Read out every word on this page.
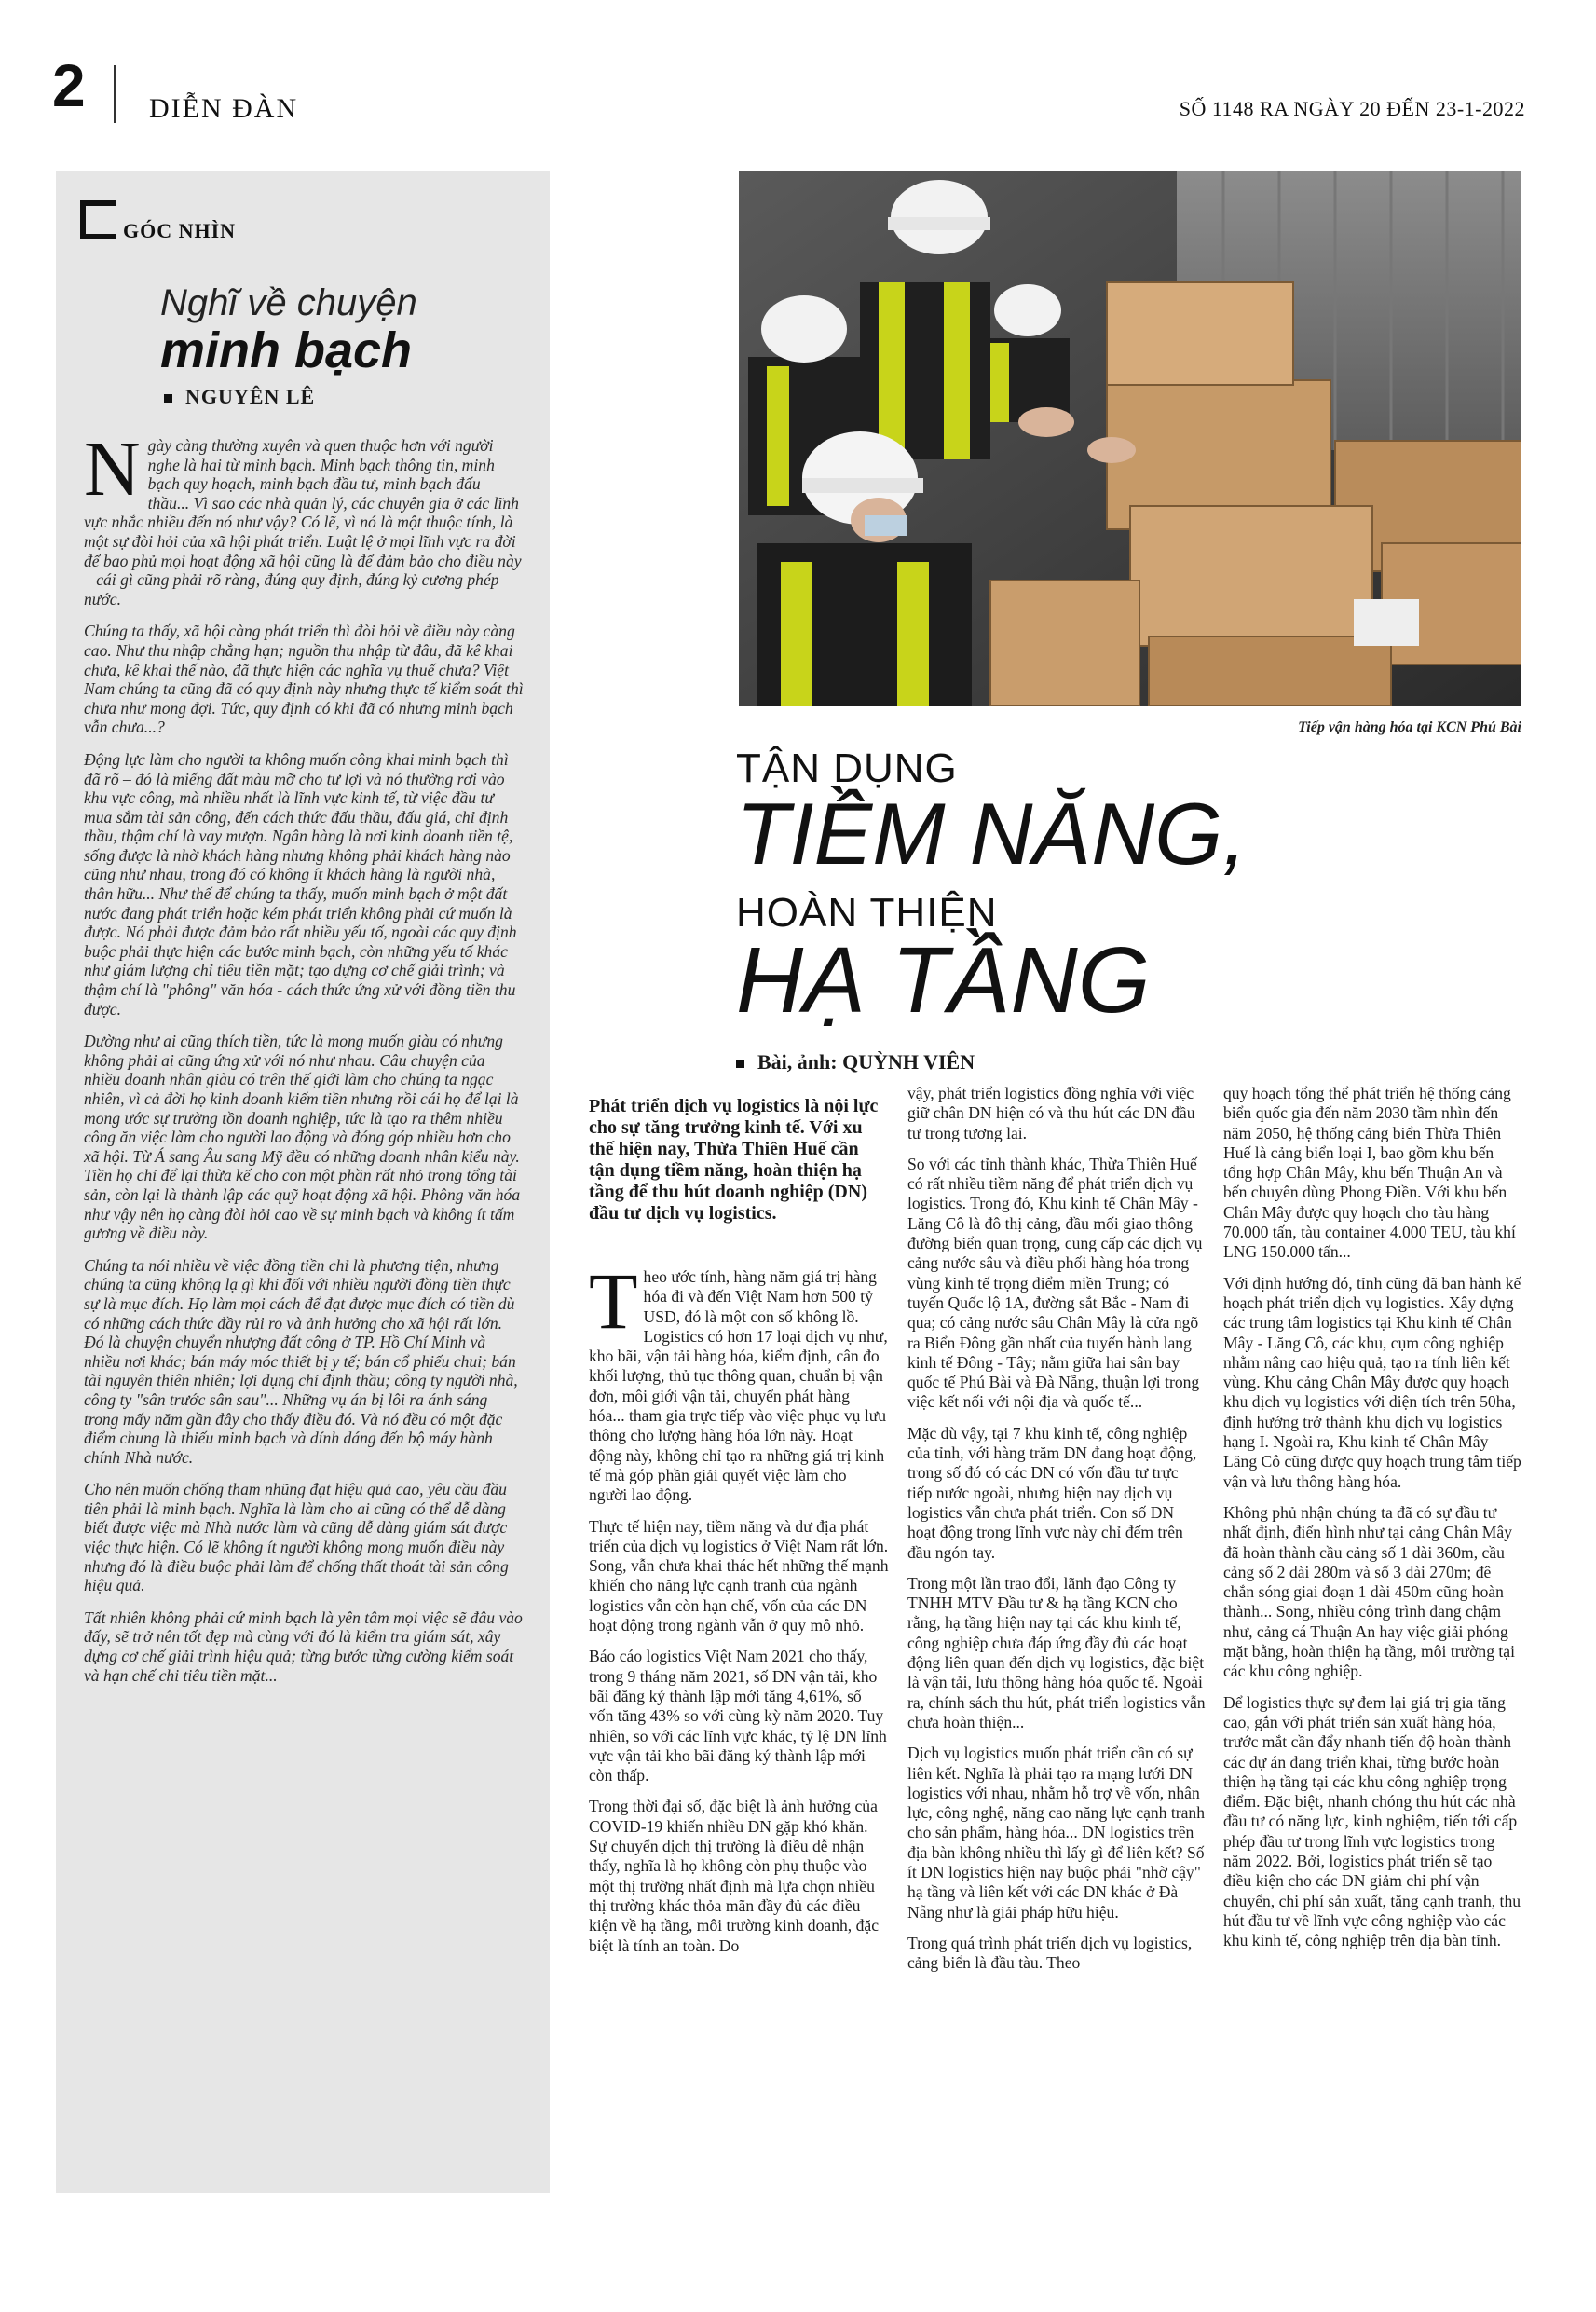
2 DIỄN ĐÀN	SỐ 1148 RA NGÀY 20 ĐẾN 23-1-2022
GÓC NHÌN
Nghĩ về chuyện
minh bạch
NGUYÊN LÊ

Ngày càng thường xuyên và quen thuộc hơn với người nghe là hai từ minh bạch. Minh bạch thông tin, minh bạch quy hoạch, minh bạch đầu tư, minh bạch đấu thầu... Vì sao các nhà quản lý, các chuyên gia ở các lĩnh vực nhắc nhiều đến nó như vậy? Có lẽ, vì nó là một thuộc tính, là một sự đòi hỏi của xã hội phát triển. Luật lệ ở mọi lĩnh vực ra đời để bao phủ mọi hoạt động xã hội cũng là để đảm bảo cho điều này – cái gì cũng phải rõ ràng, đúng quy định, đúng kỷ cương phép nước.

Chúng ta thấy, xã hội càng phát triển thì đòi hỏi về điều này càng cao. Như thu nhập chẳng hạn; nguồn thu nhập từ đâu, đã kê khai chưa, kê khai thế nào, đã thực hiện các nghĩa vụ thuế chưa? Việt Nam chúng ta cũng đã có quy định này nhưng thực tế kiểm soát thì chưa như mong đợi. Tức, quy định có khi đã có nhưng minh bạch vẫn chưa...?

Động lực làm cho người ta không muốn công khai minh bạch thì đã rõ – đó là miếng đất màu mỡ cho tư lợi và nó thường rơi vào khu vực công, mà nhiều nhất là lĩnh vực kinh tế, từ việc đầu tư mua sắm tài sản công, đến cách thức đấu thầu, đấu giá, chỉ định thầu, thậm chí là vay mượn. Ngân hàng là nơi kinh doanh tiền tệ, sống được là nhờ khách hàng nhưng không phải khách hàng nào cũng như nhau, trong đó có không ít khách hàng là người nhà, thân hữu... Như thế để chúng ta thấy, muốn minh bạch ở một đất nước đang phát triển hoặc kém phát triển không phải cứ muốn là được. Nó phải được đảm bảo rất nhiều yếu tố, ngoài các quy định buộc phải thực hiện các bước minh bạch, còn những yếu tố khác như giám lượng chỉ tiêu tiền mặt; tạo dựng cơ chế giải trình; và thậm chí là "phông" văn hóa - cách thức ứng xử với đồng tiền thu được.

Dường như ai cũng thích tiền, tức là mong muốn giàu có nhưng không phải ai cũng ứng xử với nó như nhau. Câu chuyện của nhiều doanh nhân giàu có trên thế giới làm cho chúng ta ngạc nhiên, vì cả đời họ kinh doanh kiếm tiền nhưng rồi cái họ để lại là mong ước sự trường tồn doanh nghiệp, tức là tạo ra thêm nhiều công ăn việc làm cho người lao động và đóng góp nhiều hơn cho xã hội. Từ Á sang Âu sang Mỹ đều có những doanh nhân kiểu này. Tiền họ chỉ để lại thừa kế cho con một phần rất nhỏ trong tổng tài sản, còn lại là thành lập các quỹ hoạt động xã hội. Phông văn hóa như vậy nên họ càng đòi hỏi cao về sự minh bạch và không ít tấm gương về điều này.

Chúng ta nói nhiều về việc đồng tiền chỉ là phương tiện, nhưng chúng ta cũng không lạ gì khi đối với nhiều người đồng tiền thực sự là mục đích. Họ làm mọi cách để đạt được mục đích có tiền dù có những cách thức đầy rủi ro và ảnh hưởng cho xã hội rất lớn. Đó là chuyện chuyển nhượng đất công ở TP. Hồ Chí Minh và nhiều nơi khác; bán máy móc thiết bị y tế; bán cổ phiếu chui; bán tài nguyên thiên nhiên; lợi dụng chỉ định thầu; công ty người nhà, công ty "sân trước sân sau"... Những vụ án bị lôi ra ánh sáng trong mấy năm gần đây cho thấy điều đó. Và nó đều có một đặc điểm chung là thiếu minh bạch và dính dáng đến bộ máy hành chính Nhà nước.

Cho nên muốn chống tham nhũng đạt hiệu quả cao, yêu cầu đầu tiên phải là minh bạch. Nghĩa là làm cho ai cũng có thể dễ dàng biết được việc mà Nhà nước làm và cũng dễ dàng giám sát được việc thực hiện. Có lẽ không ít người không mong muốn điều này nhưng đó là điều buộc phải làm để chống thất thoát tài sản công hiệu quả.

Tất nhiên không phải cứ minh bạch là yên tâm mọi việc sẽ đâu vào đấy, sẽ trở nên tốt đẹp mà cùng với đó là kiểm tra giám sát, xây dựng cơ chế giải trình hiệu quả; từng bước từng cường kiểm soát và hạn chế chi tiêu tiền mặt...

Tiếp vận hàng hóa tại KCN Phú Bài
TẬN DỤNG
TIỀM NĂNG,
HOÀN THIỆN
HẠ TẦNG
Bài, ảnh: QUỲNH VIÊN

Phát triển dịch vụ logistics là nội lực cho sự tăng trưởng kinh tế. Với xu thế hiện nay, Thừa Thiên Huế cần tận dụng tiềm năng, hoàn thiện hạ tầng để thu hút doanh nghiệp (DN) đầu tư dịch vụ logistics.

Theo ước tính, hàng năm giá trị hàng hóa đi và đến Việt Nam hơn 500 tỷ USD, đó là một con số không lồ. Logistics có hơn 17 loại dịch vụ như, kho bãi, vận tải hàng hóa, kiểm định, cân đo khối lượng, thủ tục thông quan, chuẩn bị vận đơn, môi giới vận tải, chuyển phát hàng hóa... tham gia trực tiếp vào việc phục vụ lưu thông cho lượng hàng hóa lớn này. Hoạt động này, không chỉ tạo ra những giá trị kinh tế mà góp phần giải quyết việc làm cho người lao động.

Thực tế hiện nay, tiềm năng và dư địa phát triển của dịch vụ logistics ở Việt Nam rất lớn. Song, vẫn chưa khai thác hết những thế mạnh khiến cho năng lực cạnh tranh của ngành logistics vẫn còn hạn chế, vốn của các DN hoạt động trong ngành vẫn ở quy mô nhỏ.

Báo cáo logistics Việt Nam 2021 cho thấy, trong 9 tháng năm 2021, số DN vận tải, kho bãi đăng ký thành lập mới tăng 4,61%, số vốn tăng 43% so với cùng kỳ năm 2020. Tuy nhiên, so với các lĩnh vực khác, tỷ lệ DN lĩnh vực vận tải kho bãi đăng ký thành lập mới còn thấp.

Trong thời đại số, đặc biệt là ảnh hưởng của COVID-19 khiến nhiều DN gặp khó khăn. Sự chuyển dịch thị trường là điều dễ nhận thấy, nghĩa là họ không còn phụ thuộc vào một thị trường nhất định mà lựa chọn nhiều thị trường khác thỏa mãn đầy đủ các điều kiện về hạ tầng, môi trường kinh doanh, đặc biệt là tính an toàn. Do

vậy, phát triển logistics đồng nghĩa với việc giữ chân DN hiện có và thu hút các DN đầu tư trong tương lai.

So với các tỉnh thành khác, Thừa Thiên Huế có rất nhiều tiềm năng để phát triển dịch vụ logistics. Trong đó, Khu kinh tế Chân Mây - Lăng Cô là đô thị cảng, đầu mối giao thông đường biển quan trọng, cung cấp các dịch vụ cảng nước sâu và điều phối hàng hóa trong vùng kinh tế trọng điểm miền Trung; có tuyến Quốc lộ 1A, đường sắt Bắc - Nam đi qua; có cảng nước sâu Chân Mây là cửa ngõ ra Biển Đông gần nhất của tuyến hành lang kinh tế Đông - Tây; nằm giữa hai sân bay quốc tế Phú Bài và Đà Nẵng, thuận lợi trong việc kết nối với nội địa và quốc tế...

Mặc dù vậy, tại 7 khu kinh tế, công nghiệp của tỉnh, với hàng trăm DN đang hoạt động, trong số đó có các DN có vốn đầu tư trực tiếp nước ngoài, nhưng hiện nay dịch vụ logistics vẫn chưa phát triển. Con số DN hoạt động trong lĩnh vực này chỉ đếm trên đầu ngón tay.

Trong một lần trao đổi, lãnh đạo Công ty TNHH MTV Đầu tư & hạ tầng KCN cho rằng, hạ tầng hiện nay tại các khu kinh tế, công nghiệp chưa đáp ứng đầy đủ các hoạt động liên quan đến dịch vụ logistics, đặc biệt là vận tải, lưu thông hàng hóa quốc tế. Ngoài ra, chính sách thu hút, phát triển logistics vẫn chưa hoàn thiện...

Dịch vụ logistics muốn phát triển cần có sự liên kết. Nghĩa là phải tạo ra mạng lưới DN logistics với nhau, nhằm hỗ trợ về vốn, nhân lực, công nghệ, năng cao năng lực cạnh tranh cho sản phẩm, hàng hóa... DN logistics trên địa bàn không nhiều thì lấy gì để liên kết? Số ít DN logistics hiện nay buộc phải "nhờ cậy" hạ tầng và liên kết với các DN khác ở Đà Nẵng như là giải pháp hữu hiệu.

Trong quá trình phát triển dịch vụ logistics, cảng biển là đầu tàu. Theo

quy hoạch tổng thể phát triển hệ thống cảng biển quốc gia đến năm 2030 tầm nhìn đến năm 2050, hệ thống cảng biển Thừa Thiên Huế là cảng biển loại I, bao gồm khu bến tổng hợp Chân Mây, khu bến Thuận An và bến chuyên dùng Phong Điền. Với khu bến Chân Mây được quy hoạch cho tàu hàng 70.000 tấn, tàu container 4.000 TEU, tàu khí LNG 150.000 tấn...

Với định hướng đó, tỉnh cũng đã ban hành kế hoạch phát triển dịch vụ logistics. Xây dựng các trung tâm logistics tại Khu kinh tế Chân Mây - Lăng Cô, các khu, cụm công nghiệp nhằm nâng cao hiệu quả, tạo ra tính liên kết vùng. Khu cảng Chân Mây được quy hoạch khu dịch vụ logistics với diện tích trên 50ha, định hướng trở thành khu dịch vụ logistics hạng I. Ngoài ra, Khu kinh tế Chân Mây – Lăng Cô cũng được quy hoạch trung tâm tiếp vận và lưu thông hàng hóa.

Không phủ nhận chúng ta đã có sự đầu tư nhất định, điển hình như tại cảng Chân Mây đã hoàn thành cầu cảng số 1 dài 360m, cầu cảng số 2 dài 280m và số 3 dài 270m; đê chắn sóng giai đoạn 1 dài 450m cũng hoàn thành... Song, nhiều công trình đang chậm như, cảng cá Thuận An hay việc giải phóng mặt bằng, hoàn thiện hạ tầng, môi trường tại các khu công nghiệp.

Để logistics thực sự đem lại giá trị gia tăng cao, gắn với phát triển sản xuất hàng hóa, trước mắt cần đẩy nhanh tiến độ hoàn thành các dự án đang triển khai, từng bước hoàn thiện hạ tầng tại các khu công nghiệp trọng điểm. Đặc biệt, nhanh chóng thu hút các nhà đầu tư có năng lực, kinh nghiệm, tiến tới cấp phép đầu tư trong lĩnh vực logistics trong năm 2022. Bởi, logistics phát triển sẽ tạo điều kiện cho các DN giảm chi phí vận chuyển, chi phí sản xuất, tăng cạnh tranh, thu hút đầu tư về lĩnh vực công nghiệp vào các khu kinh tế, công nghiệp trên địa bàn tỉnh.
